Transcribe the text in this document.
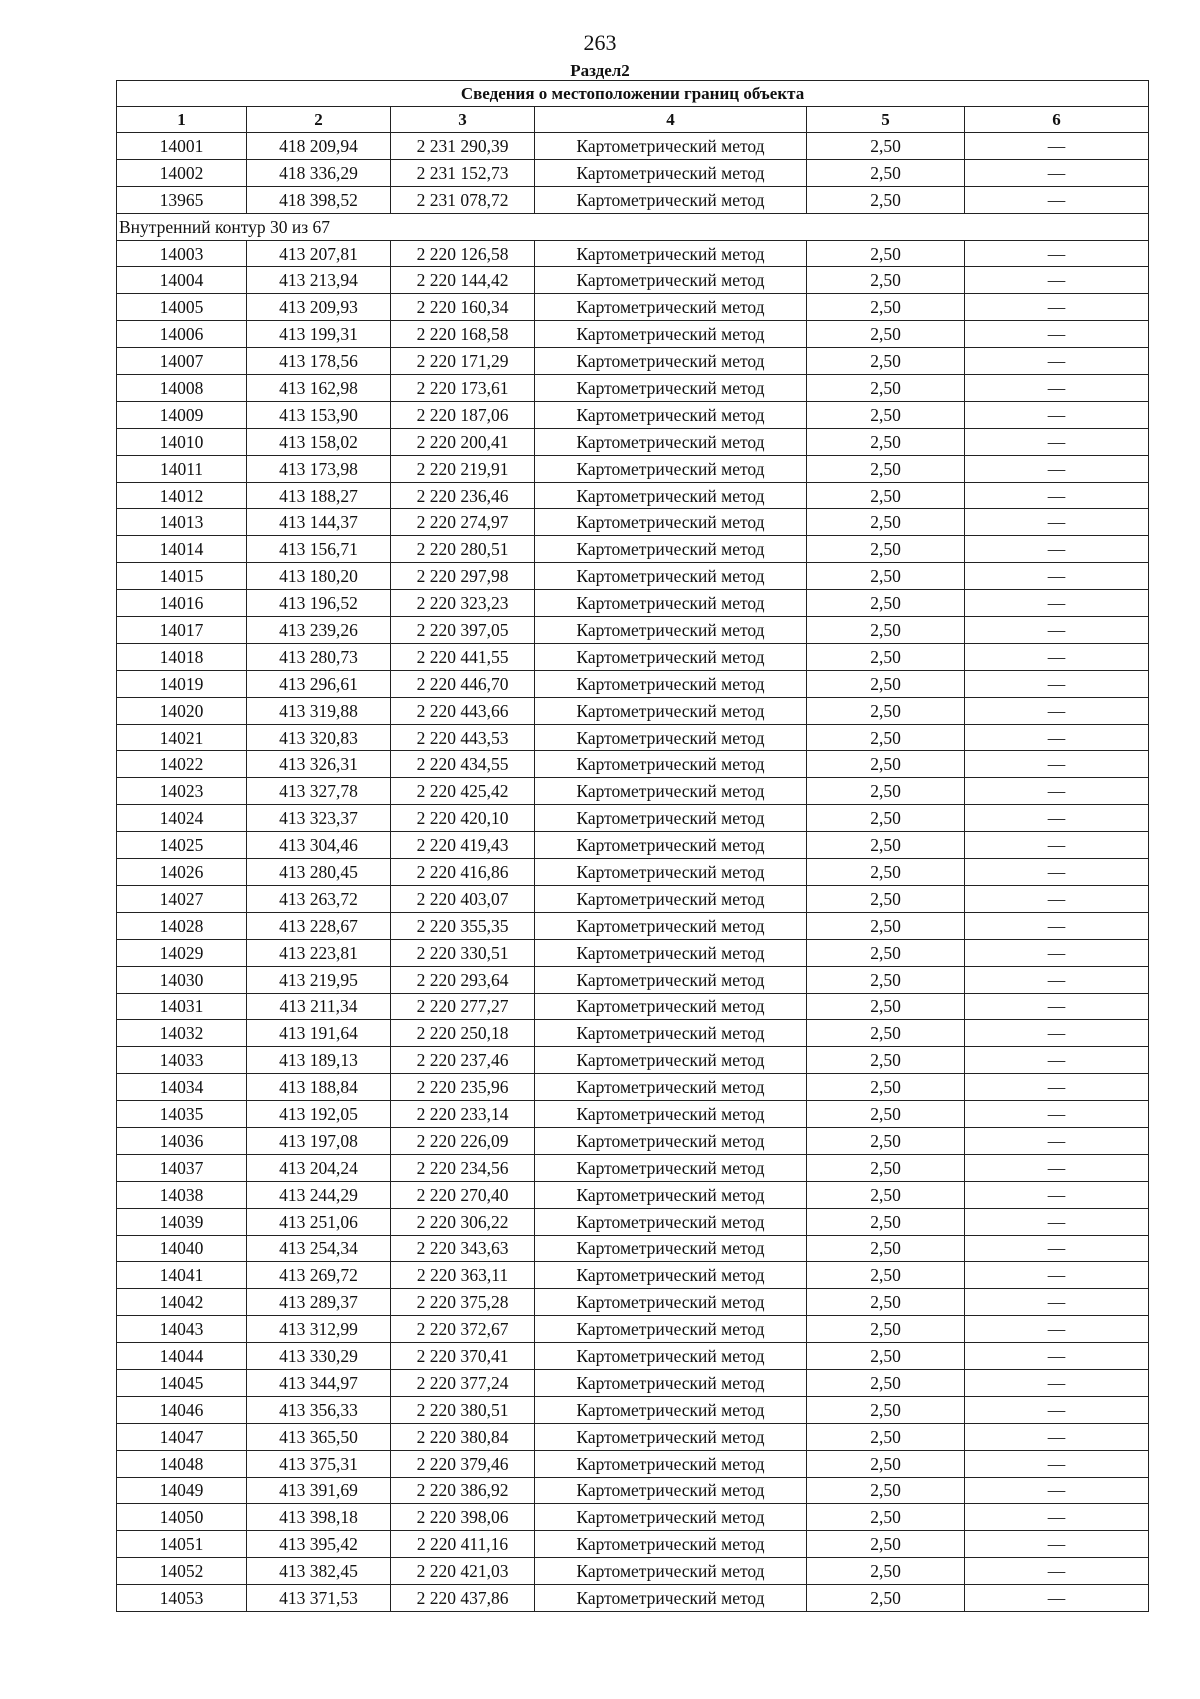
263
Раздел2
Сведения о местоположении границ объекта					
1	2	3	4	5	6
14001	418 209,94	2 231 290,39	Картометрический метод	2,50	—
14002	418 336,29	2 231 152,73	Картометрический метод	2,50	—
13965	418 398,52	2 231 078,72	Картометрический метод	2,50	—
Внутренний контур 30 из 67					
14003	413 207,81	2 220 126,58	Картометрический метод	2,50	—
14004	413 213,94	2 220 144,42	Картометрический метод	2,50	—
14005	413 209,93	2 220 160,34	Картометрический метод	2,50	—
14006	413 199,31	2 220 168,58	Картометрический метод	2,50	—
14007	413 178,56	2 220 171,29	Картометрический метод	2,50	—
14008	413 162,98	2 220 173,61	Картометрический метод	2,50	—
14009	413 153,90	2 220 187,06	Картометрический метод	2,50	—
14010	413 158,02	2 220 200,41	Картометрический метод	2,50	—
14011	413 173,98	2 220 219,91	Картометрический метод	2,50	—
14012	413 188,27	2 220 236,46	Картометрический метод	2,50	—
14013	413 144,37	2 220 274,97	Картометрический метод	2,50	—
14014	413 156,71	2 220 280,51	Картометрический метод	2,50	—
14015	413 180,20	2 220 297,98	Картометрический метод	2,50	—
14016	413 196,52	2 220 323,23	Картометрический метод	2,50	—
14017	413 239,26	2 220 397,05	Картометрический метод	2,50	—
14018	413 280,73	2 220 441,55	Картометрический метод	2,50	—
14019	413 296,61	2 220 446,70	Картометрический метод	2,50	—
14020	413 319,88	2 220 443,66	Картометрический метод	2,50	—
14021	413 320,83	2 220 443,53	Картометрический метод	2,50	—
14022	413 326,31	2 220 434,55	Картометрический метод	2,50	—
14023	413 327,78	2 220 425,42	Картометрический метод	2,50	—
14024	413 323,37	2 220 420,10	Картометрический метод	2,50	—
14025	413 304,46	2 220 419,43	Картометрический метод	2,50	—
14026	413 280,45	2 220 416,86	Картометрический метод	2,50	—
14027	413 263,72	2 220 403,07	Картометрический метод	2,50	—
14028	413 228,67	2 220 355,35	Картометрический метод	2,50	—
14029	413 223,81	2 220 330,51	Картометрический метод	2,50	—
14030	413 219,95	2 220 293,64	Картометрический метод	2,50	—
14031	413 211,34	2 220 277,27	Картометрический метод	2,50	—
14032	413 191,64	2 220 250,18	Картометрический метод	2,50	—
14033	413 189,13	2 220 237,46	Картометрический метод	2,50	—
14034	413 188,84	2 220 235,96	Картометрический метод	2,50	—
14035	413 192,05	2 220 233,14	Картометрический метод	2,50	—
14036	413 197,08	2 220 226,09	Картометрический метод	2,50	—
14037	413 204,24	2 220 234,56	Картометрический метод	2,50	—
14038	413 244,29	2 220 270,40	Картометрический метод	2,50	—
14039	413 251,06	2 220 306,22	Картометрический метод	2,50	—
14040	413 254,34	2 220 343,63	Картометрический метод	2,50	—
14041	413 269,72	2 220 363,11	Картометрический метод	2,50	—
14042	413 289,37	2 220 375,28	Картометрический метод	2,50	—
14043	413 312,99	2 220 372,67	Картометрический метод	2,50	—
14044	413 330,29	2 220 370,41	Картометрический метод	2,50	—
14045	413 344,97	2 220 377,24	Картометрический метод	2,50	—
14046	413 356,33	2 220 380,51	Картометрический метод	2,50	—
14047	413 365,50	2 220 380,84	Картометрический метод	2,50	—
14048	413 375,31	2 220 379,46	Картометрический метод	2,50	—
14049	413 391,69	2 220 386,92	Картометрический метод	2,50	—
14050	413 398,18	2 220 398,06	Картометрический метод	2,50	—
14051	413 395,42	2 220 411,16	Картометрический метод	2,50	—
14052	413 382,45	2 220 421,03	Картометрический метод	2,50	—
14053	413 371,53	2 220 437,86	Картометрический метод	2,50	—
